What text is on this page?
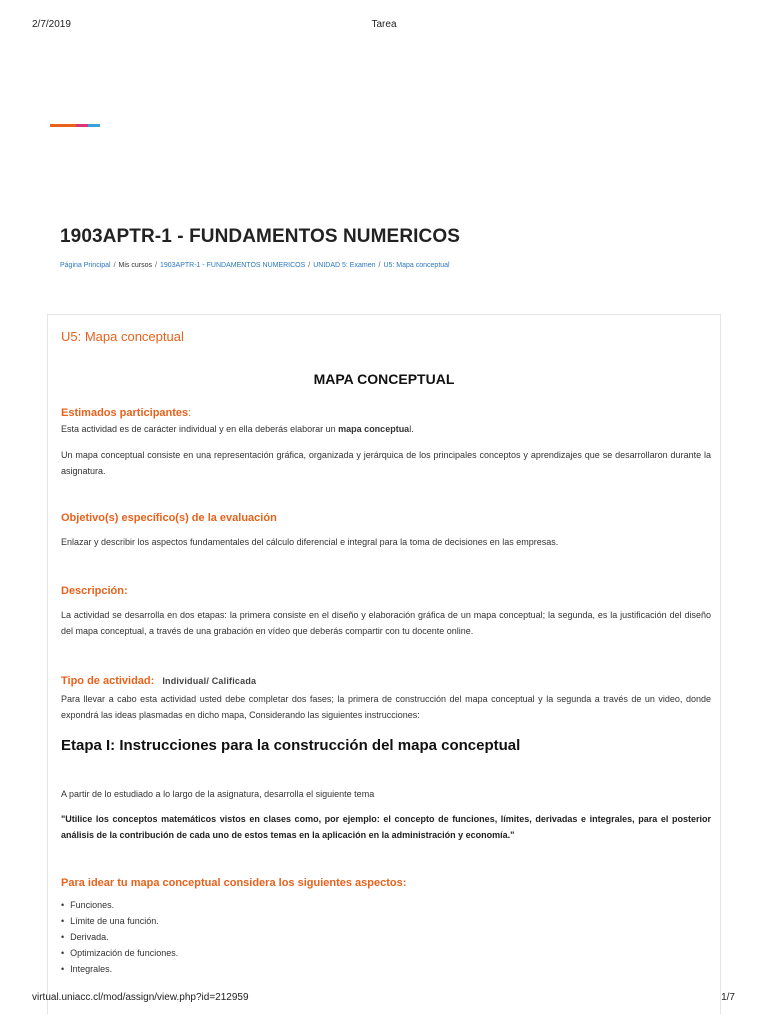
2/7/2019	Tarea
1903APTR-1 - FUNDAMENTOS NUMERICOS
Página Principal / Mis cursos / 1903APTR-1 - FUNDAMENTOS NUMERICOS / UNIDAD 5: Examen / U5: Mapa conceptual
U5: Mapa conceptual
MAPA CONCEPTUAL

Estimados participantes:

Esta actividad es de carácter individual y en ella deberás elaborar un mapa conceptual.

Un mapa conceptual consiste en una representación gráfica, organizada y jerárquica de los principales conceptos y aprendizajes que se desarrollaron durante la asignatura.

Objetivo(s) específico(s) de la evaluación

Enlazar y describir los aspectos fundamentales del cálculo diferencial e integral para la toma de decisiones en las empresas.

Descripción:

La actividad se desarrolla en dos etapas: la primera consiste en el diseño y elaboración gráfica de un mapa conceptual; la segunda, es la justificación del diseño del mapa conceptual, a través de una grabación en vídeo que deberás compartir con tu docente online.

Tipo de actividad: Individual/ Calificada

Para llevar a cabo esta actividad usted debe completar dos fases; la primera de construcción del mapa conceptual y la segunda a través de un video, donde expondrá las ideas plasmadas en dicho mapa, Considerando las siguientes instrucciones:

Etapa I: Instrucciones para la construcción del mapa conceptual

A partir de lo estudiado a lo largo de la asignatura, desarrolla el siguiente tema

"Utilice los conceptos matemáticos vistos en clases como, por ejemplo: el concepto de funciones, límites, derivadas e integrales, para el posterior análisis de la contribución de cada uno de estos temas en la aplicación en la administración y economía."

Para idear tu mapa conceptual considera los siguientes aspectos:

• Funciones.
• Límite de una función.
• Derivada.
• Optimización de funciones.
• Integrales.
virtual.uniacc.cl/mod/assign/view.php?id=212959	1/7
